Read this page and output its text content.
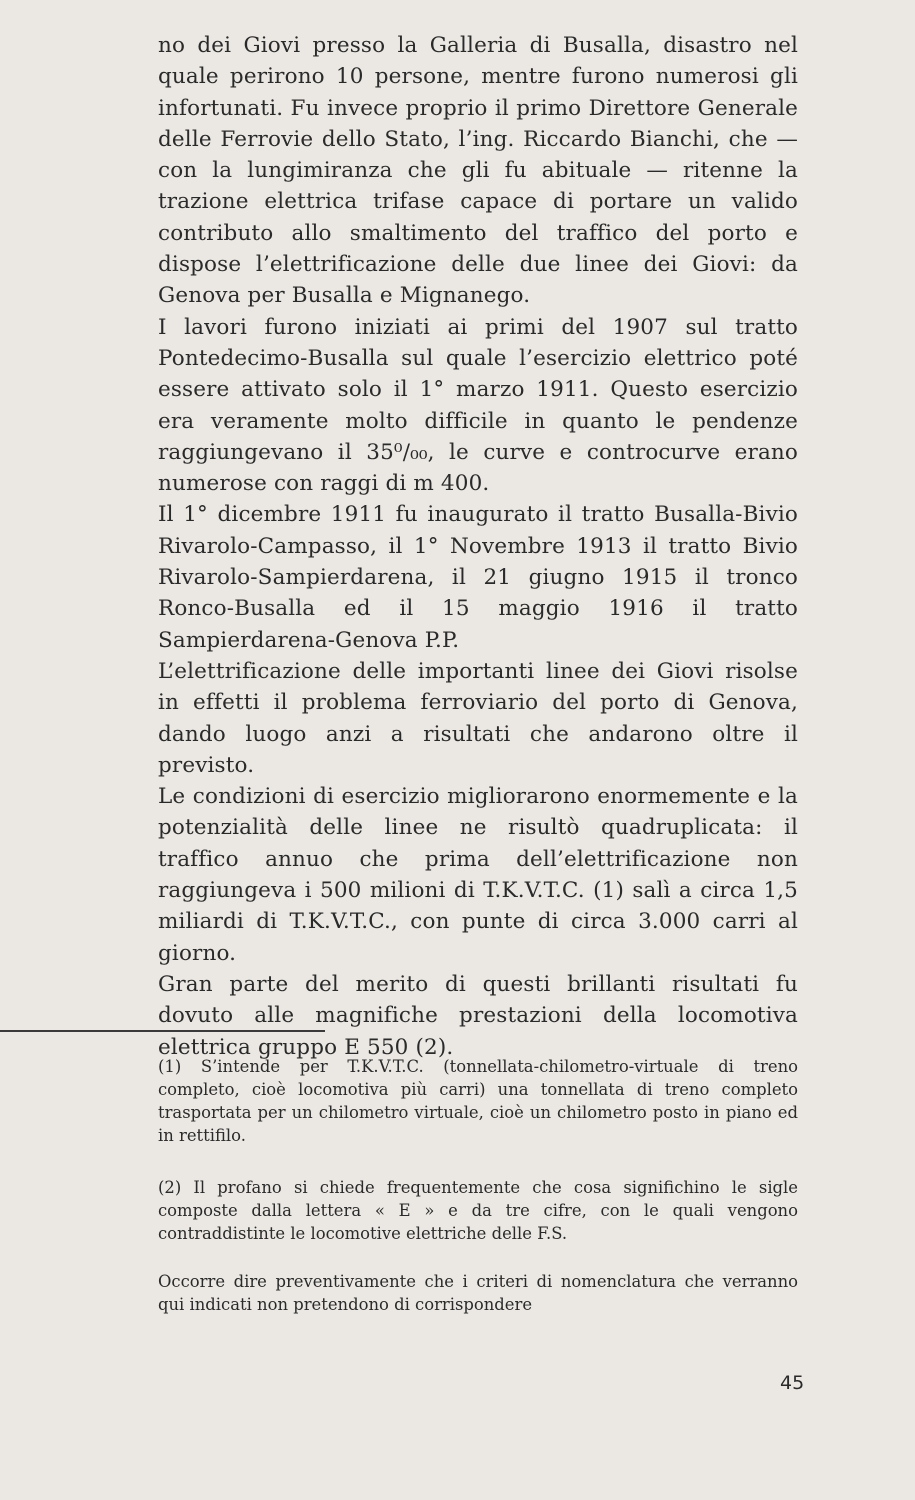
no dei Giovi presso la Galleria di Busalla, disastro nel quale perirono 10 persone, mentre furono numerosi gli infortunati. Fu invece proprio il primo Direttore Generale delle Ferrovie dello Stato, l’ing. Riccardo Bianchi, che — con la lungimiranza che gli fu abituale — ritenne la trazione elettrica trifase capace di portare un valido contributo allo smaltimento del traffico del porto e dispose l’elettrificazione delle due linee dei Giovi: da Genova per Busalla e Mignanego.

I lavori furono iniziati ai primi del 1907 sul tratto Pontedecimo-Busalla sul quale l’esercizio elettrico poté essere attivato solo il 1° marzo 1911. Questo esercizio era veramente molto difficile in quanto le pendenze raggiungevano il 35⁰/₀₀, le curve e controcurve erano numerose con raggi di m 400.

Il 1° dicembre 1911 fu inaugurato il tratto Busalla-Bivio Rivarolo-Campasso, il 1° Novembre 1913 il tratto Bivio Rivarolo-Sampierdarena, il 21 giugno 1915 il tronco Ronco-Busalla ed il 15 maggio 1916 il tratto Sampierdarena-Genova P.P.

L’elettrificazione delle importanti linee dei Giovi risolse in effetti il problema ferroviario del porto di Genova, dando luogo anzi a risultati che andarono oltre il previsto.

Le condizioni di esercizio migliorarono enormemente e la potenzialità delle linee ne risultò quadruplicata: il traffico annuo che prima dell’elettrificazione non raggiungeva i 500 milioni di T.K.V.T.C. (1) salì a circa 1,5 miliardi di T.K.V.T.C., con punte di circa 3.000 carri al giorno.

Gran parte del merito di questi brillanti risultati fu dovuto alle magnifiche prestazioni della locomotiva elettrica gruppo E 550 (2).

(1) S’intende per T.K.V.T.C. (tonnellata-chilometro-virtuale di treno completo, cioè locomotiva più carri) una tonnellata di treno completo trasportata per un chilometro virtuale, cioè un chilometro posto in piano ed in rettifilo.

(2) Il profano si chiede frequentemente che cosa significhino le sigle composte dalla lettera « E » e da tre cifre, con le quali vengono contraddistinte le locomotive elettriche delle F.S.

Occorre dire preventivamente che i criteri di nomenclatura che verranno qui indicati non pretendono di corrispondere

45
